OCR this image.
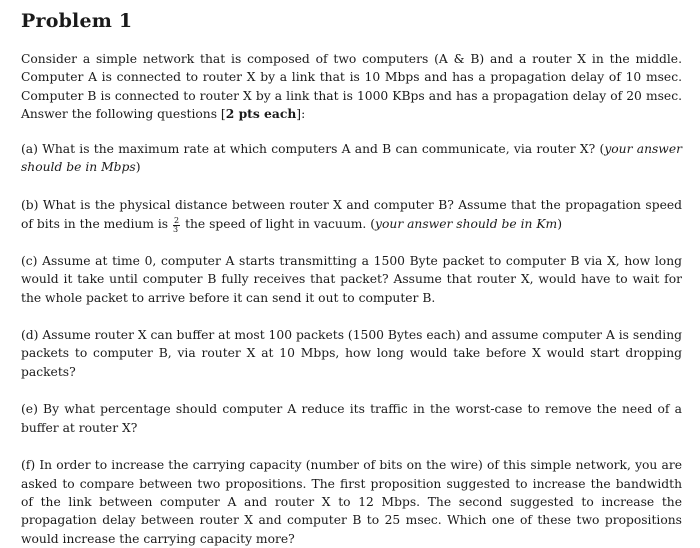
Problem 1

Consider a simple network that is composed of two computers (A & B) and a router X in the middle. Computer A is connected to router X by a link that is 10 Mbps and has a propagation delay of 10 msec. Computer B is connected to router X by a link that is 1000 KBps and has a propagation delay of 20 msec. Answer the following questions [2 pts each]:

(a) What is the maximum rate at which computers A and B can communicate, via router X? (your answer should be in Mbps)

(b) What is the physical distance between router X and computer B? Assume that the propagation speed of bits in the medium is $\frac{2}{3}$ the speed of light in vacuum. (your answer should be in Km)

(c) Assume at time 0, computer A starts transmitting a 1500 Byte packet to computer B via X, how long would it take until computer B fully receives that packet? Assume that router X, would have to wait for the whole packet to arrive before it can send it out to computer B.

(d) Assume router X can buffer at most 100 packets (1500 Bytes each) and assume computer A is sending packets to computer B, via router X at 10 Mbps, how long would take before X would start dropping packets?

(e) By what percentage should computer A reduce its traffic in the worst-case to remove the need of a buffer at router X?

(f) In order to increase the carrying capacity (number of bits on the wire) of this simple network, you are asked to compare between two propositions. The first proposition suggested to increase the bandwidth of the link between computer A and router X to 12 Mbps. The second suggested to increase the propagation delay between router X and computer B to 25 msec. Which one of these two propositions would increase the carrying capacity more?
